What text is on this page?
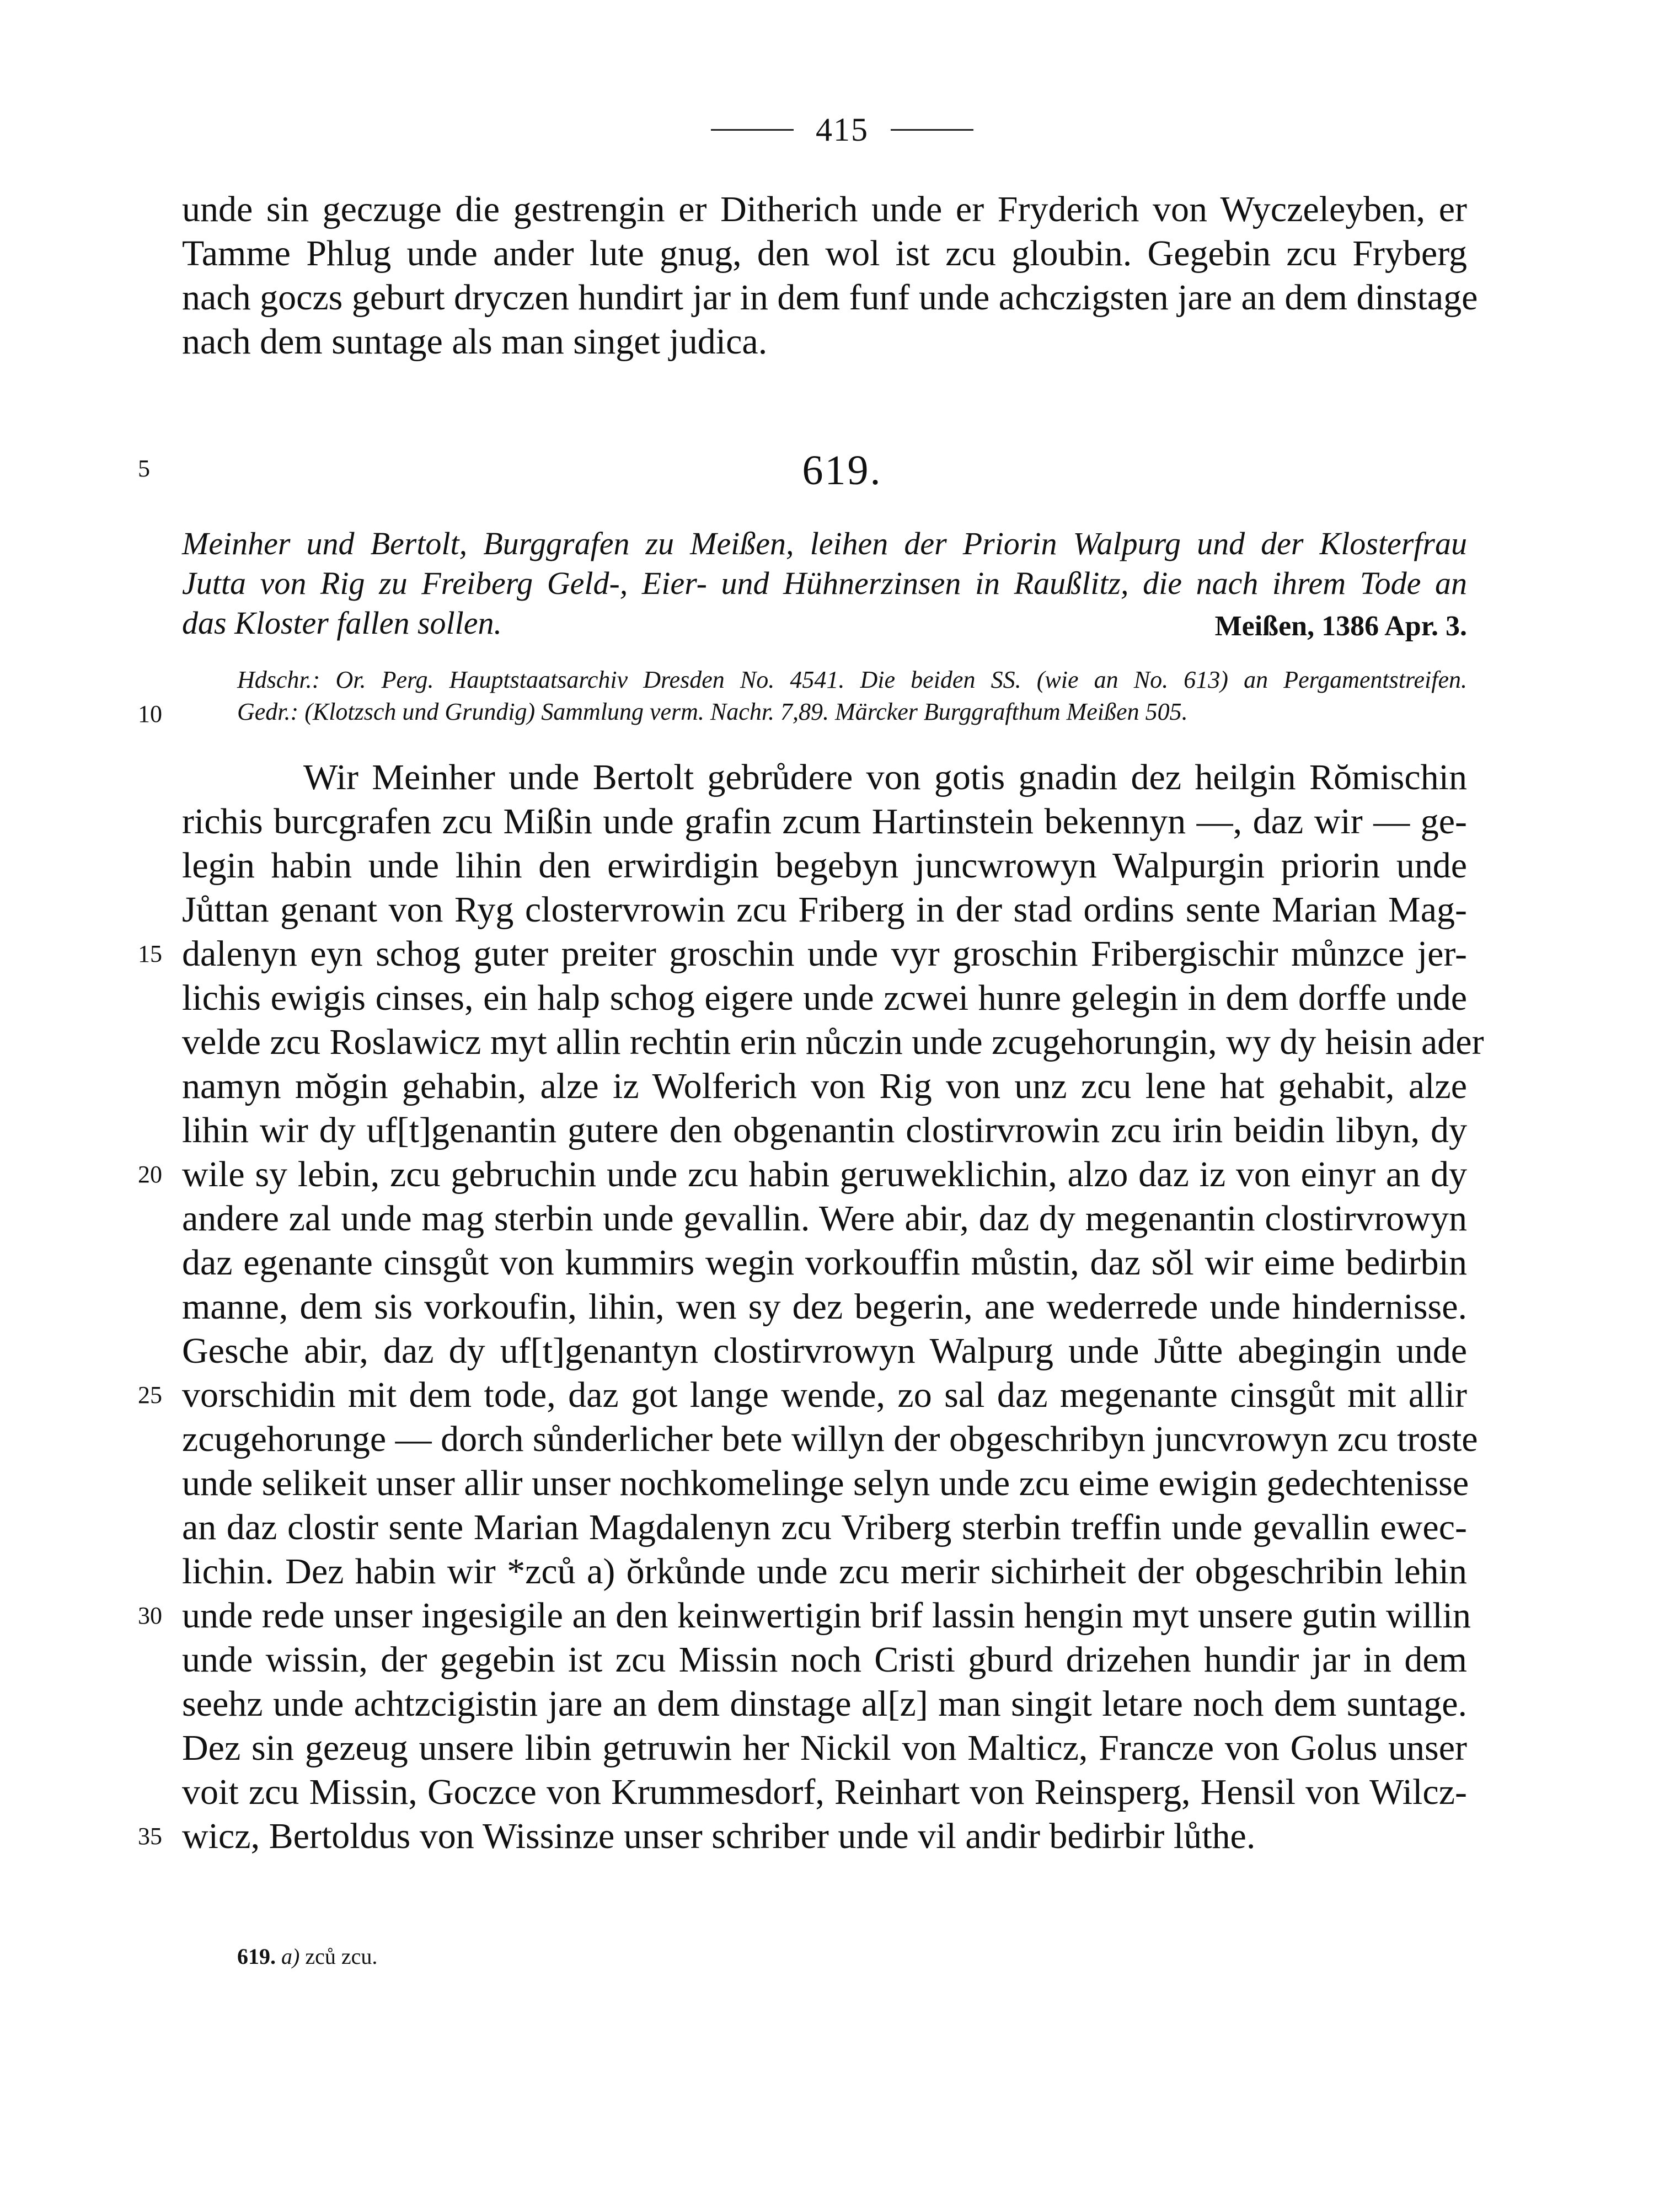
415
unde sin geczuge die gestrengin er Ditherich unde er Fryderich von Wyczeleyben, er
Tamme Phlug unde ander lute gnug, den wol ist zcu gloubin. Gegebin zcu Fryberg
nach goczs geburt dryczen hundirt jar in dem funf unde achczigsten jare an dem dinstage
nach dem suntage als man singet judica.
5	619.
Meinher und Bertolt, Burggrafen zu Meißen, leihen der Priorin Walpurg und der Klosterfrau
Jutta von Rig zu Freiberg Geld-, Eier- und Hühnerzinsen in Raußlitz, die nach ihrem Tode an
das Kloster fallen sollen.	Meißen, 1386 Apr. 3.
Hdschr.: Or. Perg. Hauptstaatsarchiv Dresden No. 4541. Die beiden SS. (wie an No. 613) an Pergamentstreifen.
10	Gedr.: (Klotzsch und Grundig) Sammlung verm. Nachr. 7,89. Märcker Burggrafthum Meißen 505.
Wir Meinher unde Bertolt gebrůdere von gotis gnadin dez heilgin Rŏmischin
richis burcgrafen zcu Mißin unde grafin zcum Hartinstein bekennyn —, daz wir — ge-
legin habin unde lihin den erwirdigin begebyn juncwrowyn Walpurgin priorin unde
Jůttan genant von Ryg clostervrowin zcu Friberg in der stad ordins sente Marian Mag-
15 dalenyn eyn schog guter preiter groschin unde vyr groschin Fribergischir můnzce jer-
lichis ewigis cinses, ein halp schog eigere unde zcwei hunre gelegin in dem dorffe unde
velde zcu Roslawicz myt allin rechtin erin nůczin unde zcugehorungin, wy dy heisin ader
namyn mŏgin gehabin, alze iz Wolferich von Rig von unz zcu lene hat gehabit, alze
lihin wir dy uf[t]genantin gutere den obgenantin clostirvrowin zcu irin beidin libyn, dy
20 wile sy lebin, zcu gebruchin unde zcu habin geruweklichin, alzo daz iz von einyr an dy
andere zal unde mag sterbin unde gevallin. Were abir, daz dy megenantin clostirvrowyn
daz egenante cinsgůt von kummirs wegin vorkouffin můstin, daz sŏl wir eime bedirbin
manne, dem sis vorkoufin, lihin, wen sy dez begerin, ane wederrede unde hindernisse.
Gesche abir, daz dy uf[t]genantyn clostirvrowyn Walpurg unde Jůtte abegingin unde
25 vorschidin mit dem tode, daz got lange wende, zo sal daz megenante cinsgůt mit allir
zcugehorunge — dorch sůnderlicher bete willyn der obgeschribyn juncvrowyn zcu troste
unde selikeit unser allir unser nochkomelinge selyn unde zcu eime ewigin gedechtenisse
an daz clostir sente Marian Magdalenyn zcu Vriberg sterbin treffin unde gevallin ewec-
lichin. Dez habin wir *zců a) ŏrkůnde unde zcu merir sichirheit der obgeschribin lehin
30 unde rede unser ingesigile an den keinwertigin brif lassin hengin myt unsere gutin willin
unde wissin, der gegebin ist zcu Missin noch Cristi gburd drizehen hundir jar in dem
seehz unde achtzcigistin jare an dem dinstage al[z] man singit letare noch dem suntage.
Dez sin gezeug unsere libin getruwin her Nickil von Malticz, Francze von Golus unser
voit zcu Missin, Goczce von Krummesdorf, Reinhart von Reinsperg, Hensil von Wilcz-
35 wicz, Bertoldus von Wissinze unser schriber unde vil andir bedirbir lůthe.
619. a) zců zcu.
